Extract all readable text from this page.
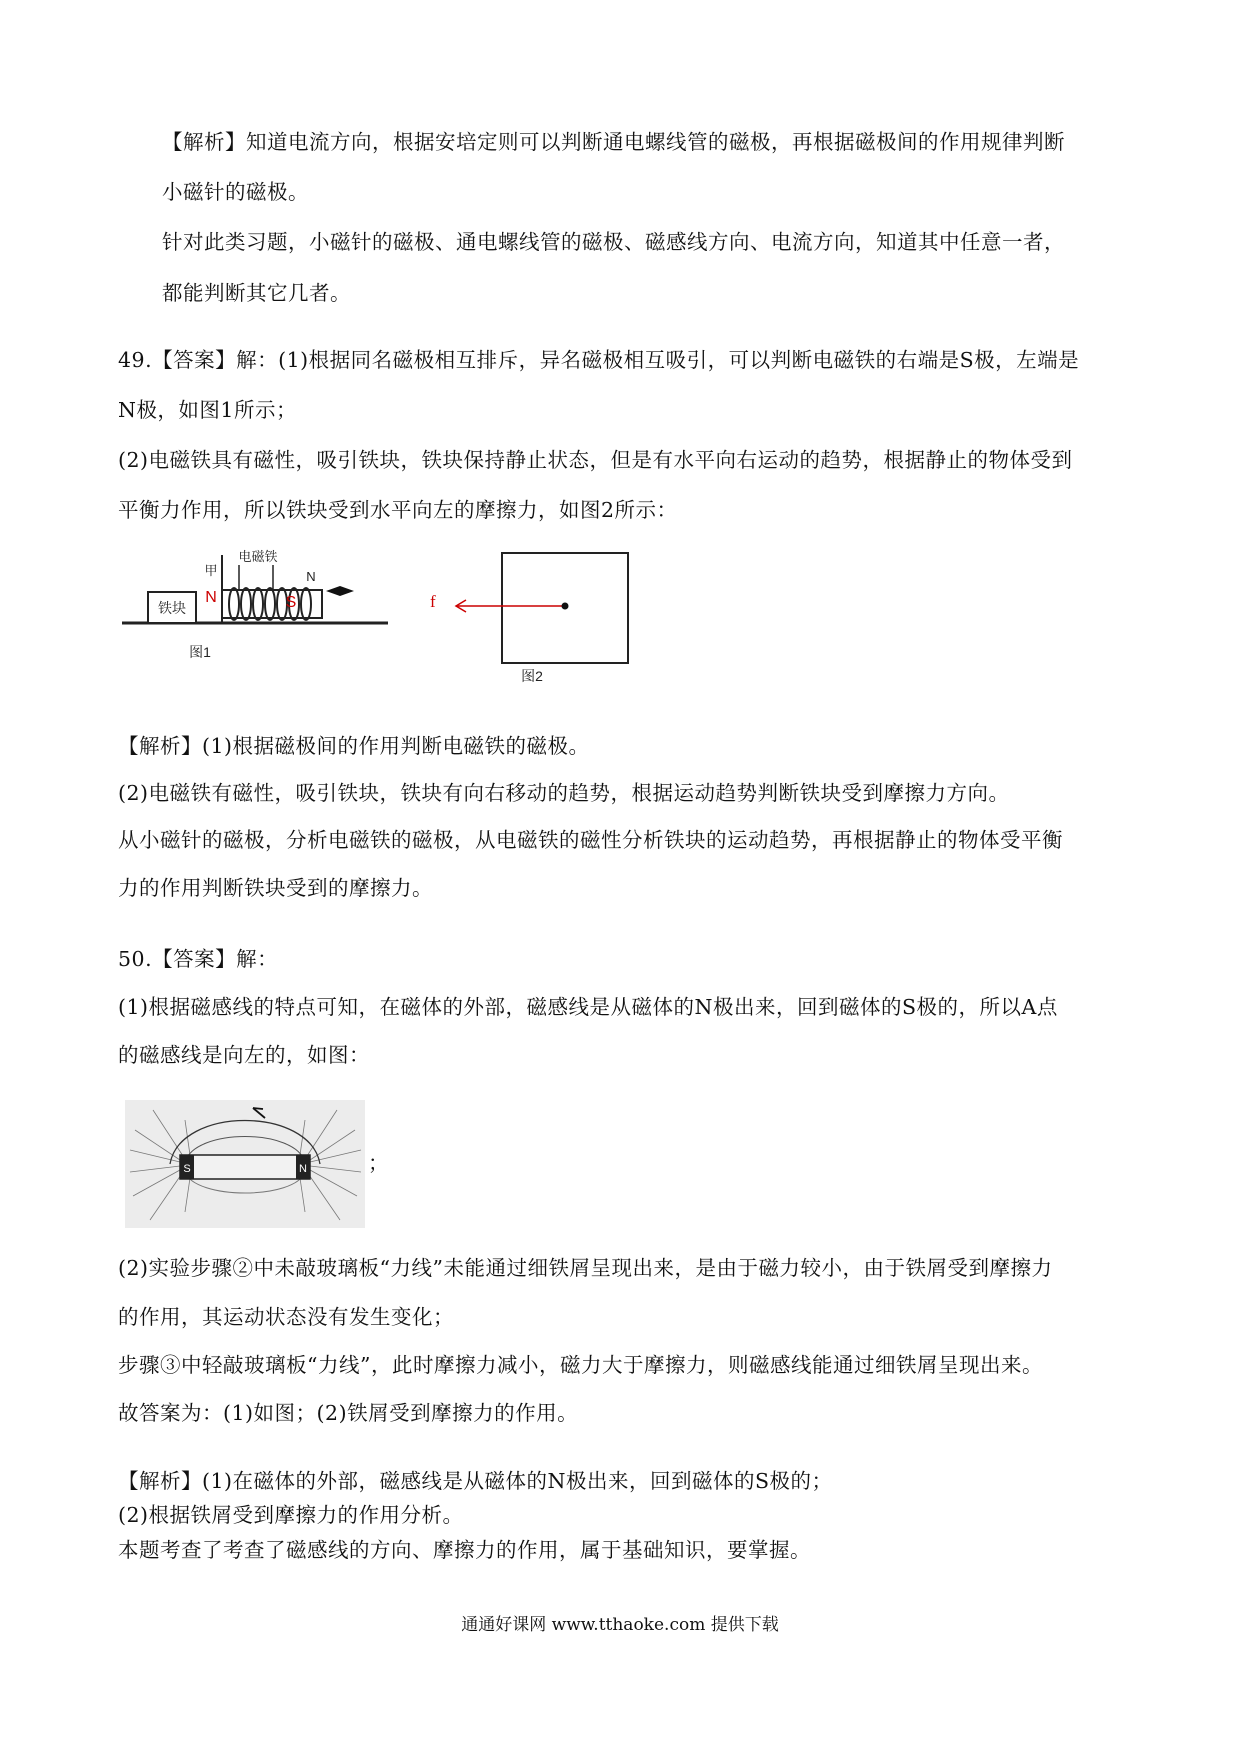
【解析】知道电流方向，根据安培定则可以判断通电螺线管的磁极，再根据磁极间的作用规律判断
小磁针的磁极。
针对此类习题，小磁针的磁极、通电螺线管的磁极、磁感线方向、电流方向，知道其中任意一者，
都能判断其它几者。
49.【答案】解：(1)根据同名磁极相互排斥，异名磁极相互吸引，可以判断电磁铁的右端是S极，左端是
N极，如图1所示；
(2)电磁铁具有磁性，吸引铁块，铁块保持静止状态，但是有水平向右运动的趋势，根据静止的物体受到
平衡力作用，所以铁块受到水平向左的摩擦力，如图2所示：
铁块
甲
N
电磁铁
S
N
图1
f
图2
【解析】(1)根据磁极间的作用判断电磁铁的磁极。
(2)电磁铁有磁性，吸引铁块，铁块有向右移动的趋势，根据运动趋势判断铁块受到摩擦力方向。
从小磁针的磁极，分析电磁铁的磁极，从电磁铁的磁性分析铁块的运动趋势，再根据静止的物体受平衡
力的作用判断铁块受到的摩擦力。
50.【答案】解：
(1)根据磁感线的特点可知，在磁体的外部，磁感线是从磁体的N极出来，回到磁体的S极的，所以A点
的磁感线是向左的，如图：
S	N	；
(2)实验步骤②中未敲玻璃板“力线”未能通过细铁屑呈现出来，是由于磁力较小，由于铁屑受到摩擦力
的作用，其运动状态没有发生变化；
步骤③中轻敲玻璃板“力线”，此时摩擦力减小，磁力大于摩擦力，则磁感线能通过细铁屑呈现出来。
故答案为：(1)如图；(2)铁屑受到摩擦力的作用。
【解析】(1)在磁体的外部，磁感线是从磁体的N极出来，回到磁体的S极的；
(2)根据铁屑受到摩擦力的作用分析。
本题考查了考查了磁感线的方向、摩擦力的作用，属于基础知识，要掌握。
通通好课网 www.tthaoke.com 提供下载
